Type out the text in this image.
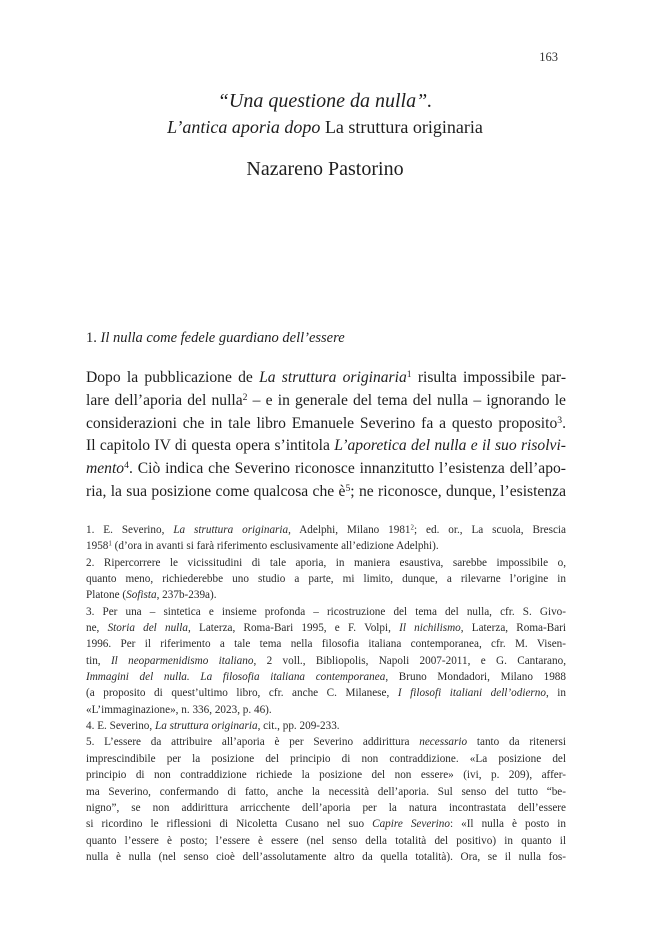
163
“Una questione da nulla”.
L’antica aporia dopo La struttura originaria
Nazareno Pastorino
1. Il nulla come fedele guardiano dell’essere
Dopo la pubblicazione de La struttura originaria$^1$ risulta impossibile par-
lare dell’aporia del nulla$^2$ – e in generale del tema del nulla – ignorando le
considerazioni che in tale libro Emanuele Severino fa a questo proposito$^3$.
Il capitolo IV di questa opera s’intitola L’aporetica del nulla e il suo risolvi-
mento$^4$. Ciò indica che Severino riconosce innanzitutto l’esistenza dell’apo-
ria, la sua posizione come qualcosa che $è^5$; ne riconosce, dunque, l’esistenza
1. E. Severino, La struttura originaria, Adelphi, Milano 1981$^2$; ed. or., La scuola, Brescia
1958$^1$ (d’ora in avanti si farà riferimento esclusivamente all’edizione Adelphi).
2. Ripercorrere le vicissitudini di tale aporia, in maniera esaustiva, sarebbe impossibile o,
quanto meno, richiederebbe uno studio a parte, mi limito, dunque, a rilevarne l’origine in
Platone (Sofista, 237b-239a).
3. Per una – sintetica e insieme profonda – ricostruzione del tema del nulla, cfr. S. Givo-
ne, Storia del nulla, Laterza, Roma-Bari 1995, e F. Volpi, Il nichilismo, Laterza, Roma-Bari
1996. Per il riferimento a tale tema nella filosofia italiana contemporanea, cfr. M. Visen-
tin, Il neoparmenidismo italiano, 2 voll., Bibliopolis, Napoli 2007-2011, e G. Cantarano,
Immagini del nulla. La filosofia italiana contemporanea, Bruno Mondadori, Milano 1988
(a proposito di quest’ultimo libro, cfr. anche C. Milanese, I filosofi italiani dell’odierno, in
«L’immaginazione», n. 336, 2023, p. 46).
4. E. Severino, La struttura originaria, cit., pp. 209-233.
5. L’essere da attribuire all’aporia è per Severino addirittura necessario tanto da ritenersi
imprescindibile per la posizione del principio di non contraddizione. «La posizione del
principio di non contraddizione richiede la posizione del non essere» (ivi, p. 209), affer-
ma Severino, confermando di fatto, anche la necessità dell’aporia. Sul senso del tutto “be-
nigno”, se non addirittura arricchente dell’aporia per la natura incontrastata dell’essere
si ricordino le riflessioni di Nicoletta Cusano nel suo Capire Severino: «Il nulla è posto in
quanto l’essere è posto; l’essere è essere (nel senso della totalità del positivo) in quanto il
nulla è nulla (nel senso cioè dell’assolutamente altro da quella totalità). Ora, se il nulla fos-
